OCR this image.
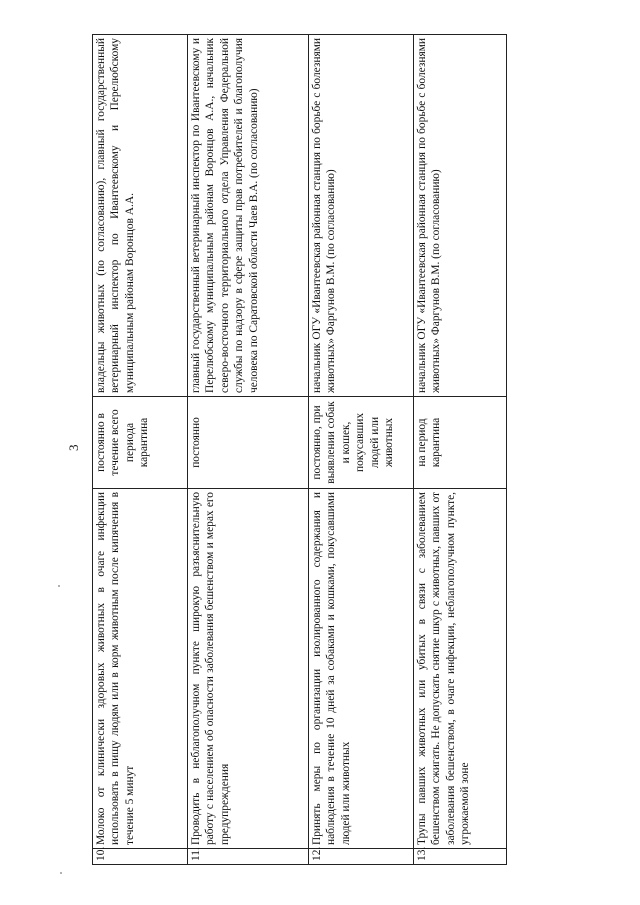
3
10.	Молоко от клинически здоровых животных в очаге инфекции использовать в пищу людям или в корм животным после кипячения в течение 5 минут	постоянно в течение всего периода карантина	владельцы животных (по согласованию), главный государственный ветеринарный инспектор по Ивантеевскому и Перелюбскому муниципальным районам Воронцов А.А.
11.	Проводить в неблагополучном пункте широкую разъяснительную работу с населением об опасности заболевания бешенством и мерах его предупреждения	постоянно	главный государственный ветеринарный инспектор по Ивантеевскому и Перелюбскому муниципальным районам Воронцов А.А., начальник северо-восточного территориального отдела Управления Федеральной службы по надзору в сфере защиты прав потребителей и благополучия человека по Саратовской области Чаев В.А. (по согласованию)
12.	Принять меры по организации изолированного содержания и наблюдения в течение 10 дней за собаками и кошками, покусавшими людей или животных	постоянно, при выявлении собак и кошек, покусавших людей или животных	начальник ОГУ «Ивантеевская районная станция по борьбе с болезнями животных» Фаргунов В.М. (по согласованию)
13.	Трупы павших животных или убитых в связи с заболеванием бешенством сжигать. Не допускать снятие шкур с животных, павших от заболевания бешенством, в очаге инфекции, неблагополучном пункте, угрожаемой зоне	на период карантина	начальник ОГУ «Ивантеевская районная станция по борьбе с болезнями животных» Фаргунов В.М. (по согласованию)
